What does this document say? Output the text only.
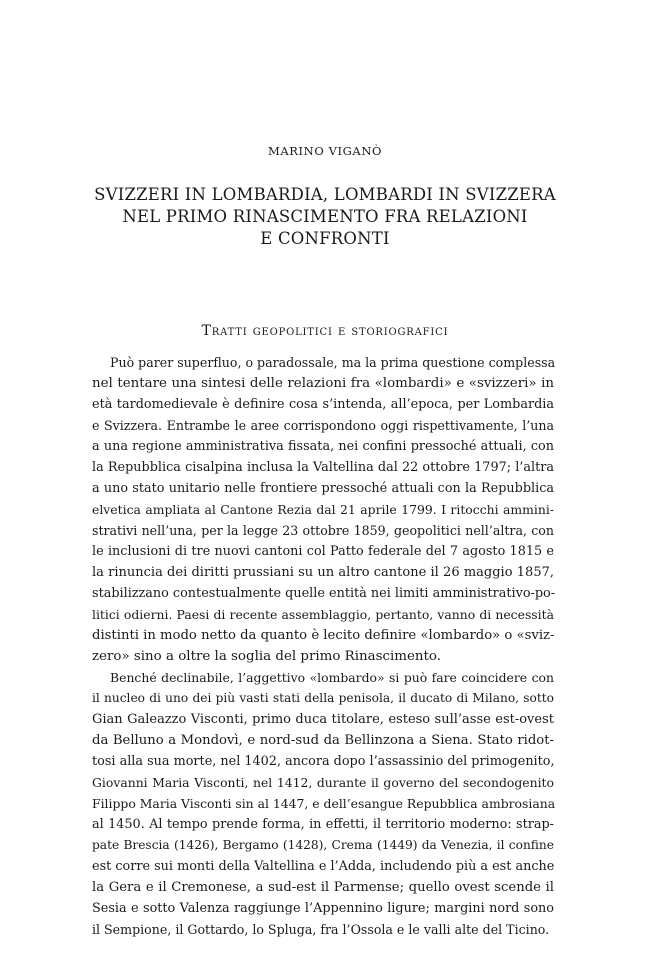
MARINO VIGANÒ
SVIZZERI IN LOMBARDIA, LOMBARDI IN SVIZZERA
NEL PRIMO RINASCIMENTO FRA RELAZIONI
E CONFRONTI
Tratti geopolitici e storiografici
Può parer superfluo, o paradossale, ma la prima questione complessa
nel tentare una sintesi delle relazioni fra «lombardi» e «svizzeri» in
età tardomedievale è definire cosa s’intenda, all’epoca, per Lombardia
e Svizzera. Entrambe le aree corrispondono oggi rispettivamente, l’una
a una regione amministrativa fissata, nei confini pressoché attuali, con
la Repubblica cisalpina inclusa la Valtellina dal 22 ottobre 1797; l’altra
a uno stato unitario nelle frontiere pressoché attuali con la Repubblica
elvetica ampliata al Cantone Rezia dal 21 aprile 1799. I ritocchi ammini-
strativi nell’una, per la legge 23 ottobre 1859, geopolitici nell’altra, con
le inclusioni di tre nuovi cantoni col Patto federale del 7 agosto 1815 e
la rinuncia dei diritti prussiani su un altro cantone il 26 maggio 1857,
stabilizzano contestualmente quelle entità nei limiti amministrativo-po-
litici odierni. Paesi di recente assemblaggio, pertanto, vanno di necessità
distinti in modo netto da quanto è lecito definire «lombardo» o «sviz-
zero» sino a oltre la soglia del primo Rinascimento.
Benché declinabile, l’aggettivo «lombardo» si può fare coincidere con
il nucleo di uno dei più vasti stati della penisola, il ducato di Milano, sotto
Gian Galeazzo Visconti, primo duca titolare, esteso sull’asse est-ovest
da Belluno a Mondovì, e nord-sud da Bellinzona a Siena. Stato ridot-
tosi alla sua morte, nel 1402, ancora dopo l’assassinio del primogenito,
Giovanni Maria Visconti, nel 1412, durante il governo del secondogenito
Filippo Maria Visconti sin al 1447, e dell’esangue Repubblica ambrosiana
al 1450. Al tempo prende forma, in effetti, il territorio moderno: strap-
pate Brescia (1426), Bergamo (1428), Crema (1449) da Venezia, il confine
est corre sui monti della Valtellina e l’Adda, includendo più a est anche
la Gera e il Cremonese, a sud-est il Parmense; quello ovest scende il
Sesia e sotto Valenza raggiunge l’Appennino ligure; margini nord sono
il Sempione, il Gottardo, lo Spluga, fra l’Ossola e le valli alte del Ticino.
